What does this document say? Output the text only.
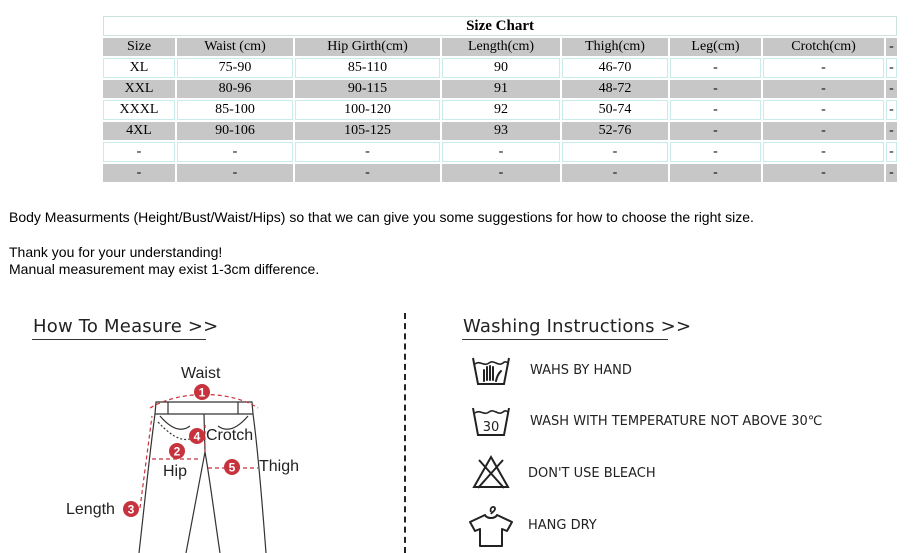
Size Chart							
Size	Waist (cm)	Hip Girth(cm)	Length(cm)	Thigh(cm)	Leg(cm)	Crotch(cm)	-
XL	75-90	85-110	90	46-70	-	-	-
XXL	80-96	90-115	91	48-72	-	-	-
XXXL	85-100	100-120	92	50-74	-	-	-
4XL	90-106	105-125	93	52-76	-	-	-
-	-	-	-	-	-	-	-
-	-	-	-	-	-	-	-

Body Measurments (Height/Bust/Waist/Hips) so that we can give you some suggestions for how to choose the right size.

Thank you for your understanding!

Manual measurement may exist 1-3cm difference.

How To Measure >>
Waist
Crotch
Hip	Thigh
Length
1
4
2
5
3
Washing Instructions >>
WAHS BY HAND
30 WASH WITH TEMPERATURE NOT ABOVE 30℃
DON'T USE BLEACH
HANG DRY
